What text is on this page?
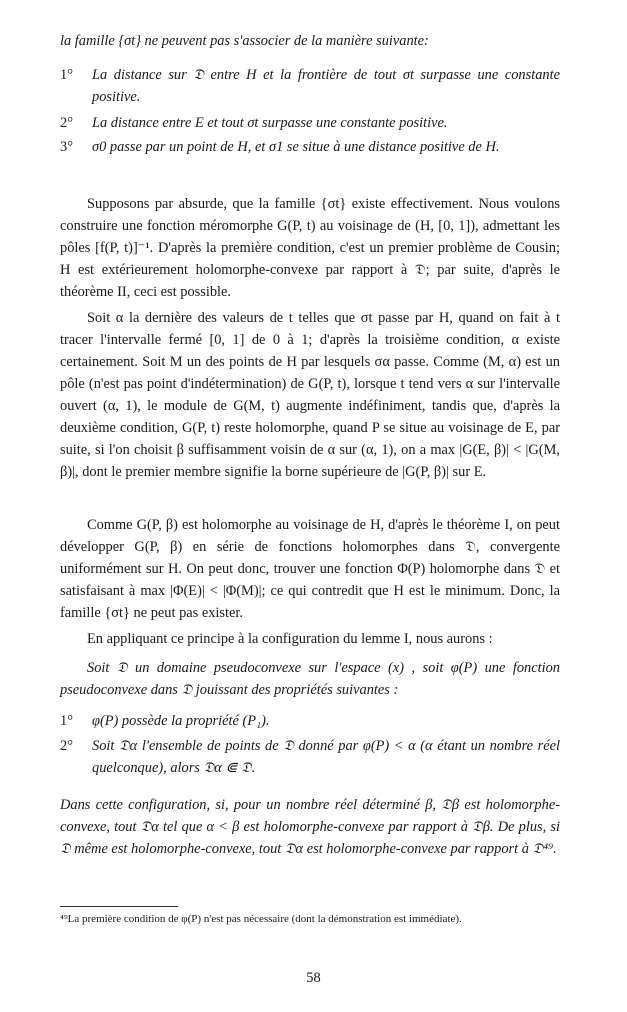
la famille {σt} ne peuvent pas s'associer de la manière suivante:
1°	La distance sur 𝔇 entre H et la frontière de tout σt surpasse une constante positive.
2°	La distance entre E et tout σt surpasse une constante positive.
3°	σ0 passe par un point de H, et σ1 se situe à une distance positive de H.
Supposons par absurde, que la famille {σt} existe effectivement. Nous voulons construire une fonction méromorphe G(P, t) au voisinage de (H, [0, 1]), admettant les pôles [f(P, t)]⁻¹. D'après la première condition, c'est un premier problème de Cousin; H est extérieurement holomorphe-convexe par rapport à 𝔇; par suite, d'après le théorème II, ceci est possible.
Soit α la dernière des valeurs de t telles que σt passe par H, quand on fait à t tracer l'intervalle fermé [0, 1] de 0 à 1; d'après la troisième condition, α existe certainement. Soit M un des points de H par lesquels σα passe. Comme (M, α) est un pôle (n'est pas point d'indétermination) de G(P, t), lorsque t tend vers α sur l'intervalle ouvert (α, 1), le module de G(M, t) augmente indéfiniment, tandis que, d'après la deuxième condition, G(P, t) reste holomorphe, quand P se situe au voisinage de E, par suite, si l'on choisit β suffisamment voisin de α sur (α, 1), on a max |G(E, β)| < |G(M, β)|, dont le premier membre signifie la borne supérieure de |G(P, β)| sur E.
Comme G(P, β) est holomorphe au voisinage de H, d'après le théorème I, on peut développer G(P, β) en série de fonctions holomorphes dans 𝔇, convergente uniformément sur H. On peut donc, trouver une fonction Φ(P) holomorphe dans 𝔇 et satisfaisant à max |Φ(E)| < |Φ(M)|; ce qui contredit que H est le minimum. Donc, la famille {σt} ne peut pas exister.
En appliquant ce principe à la configuration du lemme I, nous aurons :
Soit 𝔇 un domaine pseudoconvexe sur l'espace (x) , soit φ(P) une fonction pseudoconvexe dans 𝔇 jouissant des propriétés suivantes :
1°	φ(P) possède la propriété (P₁).
2°	Soit 𝔇α l'ensemble de points de 𝔇 donné par φ(P) < α (α étant un nombre réel quelconque), alors 𝔇α ⋐ 𝔇.
Dans cette configuration, si, pour un nombre réel déterminé β, 𝔇β est holomorphe-convexe, tout 𝔇α tel que α < β est holomorphe-convexe par rapport à 𝔇β. De plus, si 𝔇 même est holomorphe-convexe, tout 𝔇α est holomorphe-convexe par rapport à 𝔇⁴⁹.
⁴⁹La première condition de φ(P) n'est pas nécessaire (dont la démonstration est immédiate).
58
